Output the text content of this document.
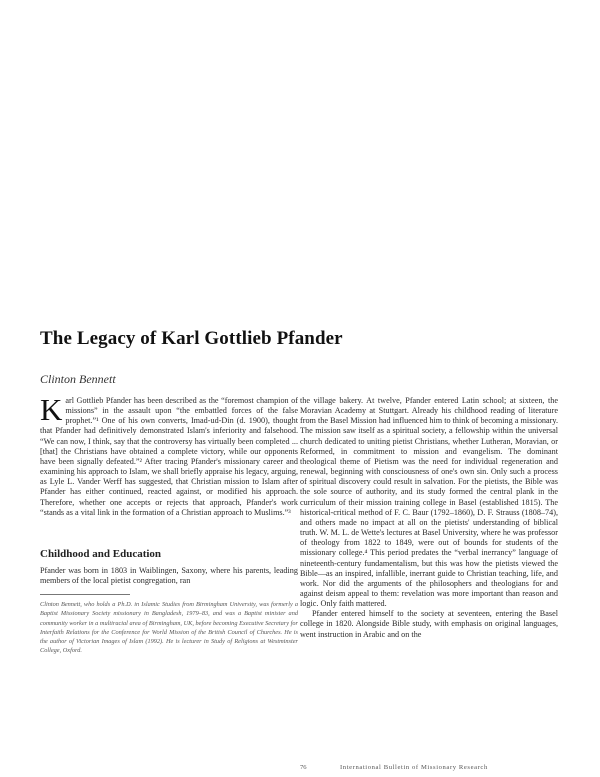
The Legacy of Karl Gottlieb Pfander
Clinton Bennett

Karl Gottlieb Pfander has been described as the “foremost champion of missions” in the assault upon “the embattled forces of the false prophet.”¹ One of his own converts, Imad-ud-Din (d. 1900), thought that Pfander had definitively demonstrated Islam's inferiority and falsehood. “We can now, I think, say that the controversy has virtually been completed ... [that] the Christians have obtained a complete victory, while our opponents have been signally defeated.”² After tracing Pfander's missionary career and examining his approach to Islam, we shall briefly appraise his legacy, arguing, as Lyle L. Vander Werff has suggested, that Christian mission to Islam after Pfander has either continued, reacted against, or modified his approach. Therefore, whether one accepts or rejects that approach, Pfander's work “stands as a vital link in the formation of a Christian approach to Muslims.”³

Childhood and Education

Pfander was born in 1803 in Waiblingen, Saxony, where his parents, leading members of the local pietist congregation, ran

Clinton Bennett, who holds a Ph.D. in Islamic Studies from Birmingham University, was formerly a Baptist Missionary Society missionary in Bangladesh, 1979–83, and was a Baptist minister and community worker in a multiracial area of Birmingham, UK, before becoming Executive Secretary for Interfaith Relations for the Conference for World Mission of the British Council of Churches. He is the author of Victorian Images of Islam (1992). He is lecturer in Study of Religions at Westminster College, Oxford.

the village bakery. At twelve, Pfander entered Latin school; at sixteen, the Moravian Academy at Stuttgart. Already his childhood reading of literature from the Basel Mission had influenced him to think of becoming a missionary. The mission saw itself as a spiritual society, a fellowship within the universal church dedicated to uniting pietist Christians, whether Lutheran, Moravian, or Reformed, in commitment to mission and evangelism. The dominant theological theme of Pietism was the need for individual regeneration and renewal, beginning with consciousness of one's own sin. Only such a process of spiritual discovery could result in salvation. For the pietists, the Bible was the sole source of authority, and its study formed the central plank in the curriculum of their mission training college in Basel (established 1815). The historical-critical method of F. C. Baur (1792–1860), D. F. Strauss (1808–74), and others made no impact at all on the pietists' understanding of biblical truth. W. M. L. de Wette's lectures at Basel University, where he was professor of theology from 1822 to 1849, were out of bounds for students of the missionary college.⁴ This period predates the “verbal inerrancy” language of nineteenth-century fundamentalism, but this was how the pietists viewed the Bible—as an inspired, infallible, inerrant guide to Christian teaching, life, and work. Nor did the arguments of the philosophers and theologians for and against deism appeal to them: revelation was more important than reason and logic. Only faith mattered.

Pfander entered himself to the society at seventeen, entering the Basel college in 1820. Alongside Bible study, with emphasis on original languages, went instruction in Arabic and on the

76	International Bulletin of Missionary Research
